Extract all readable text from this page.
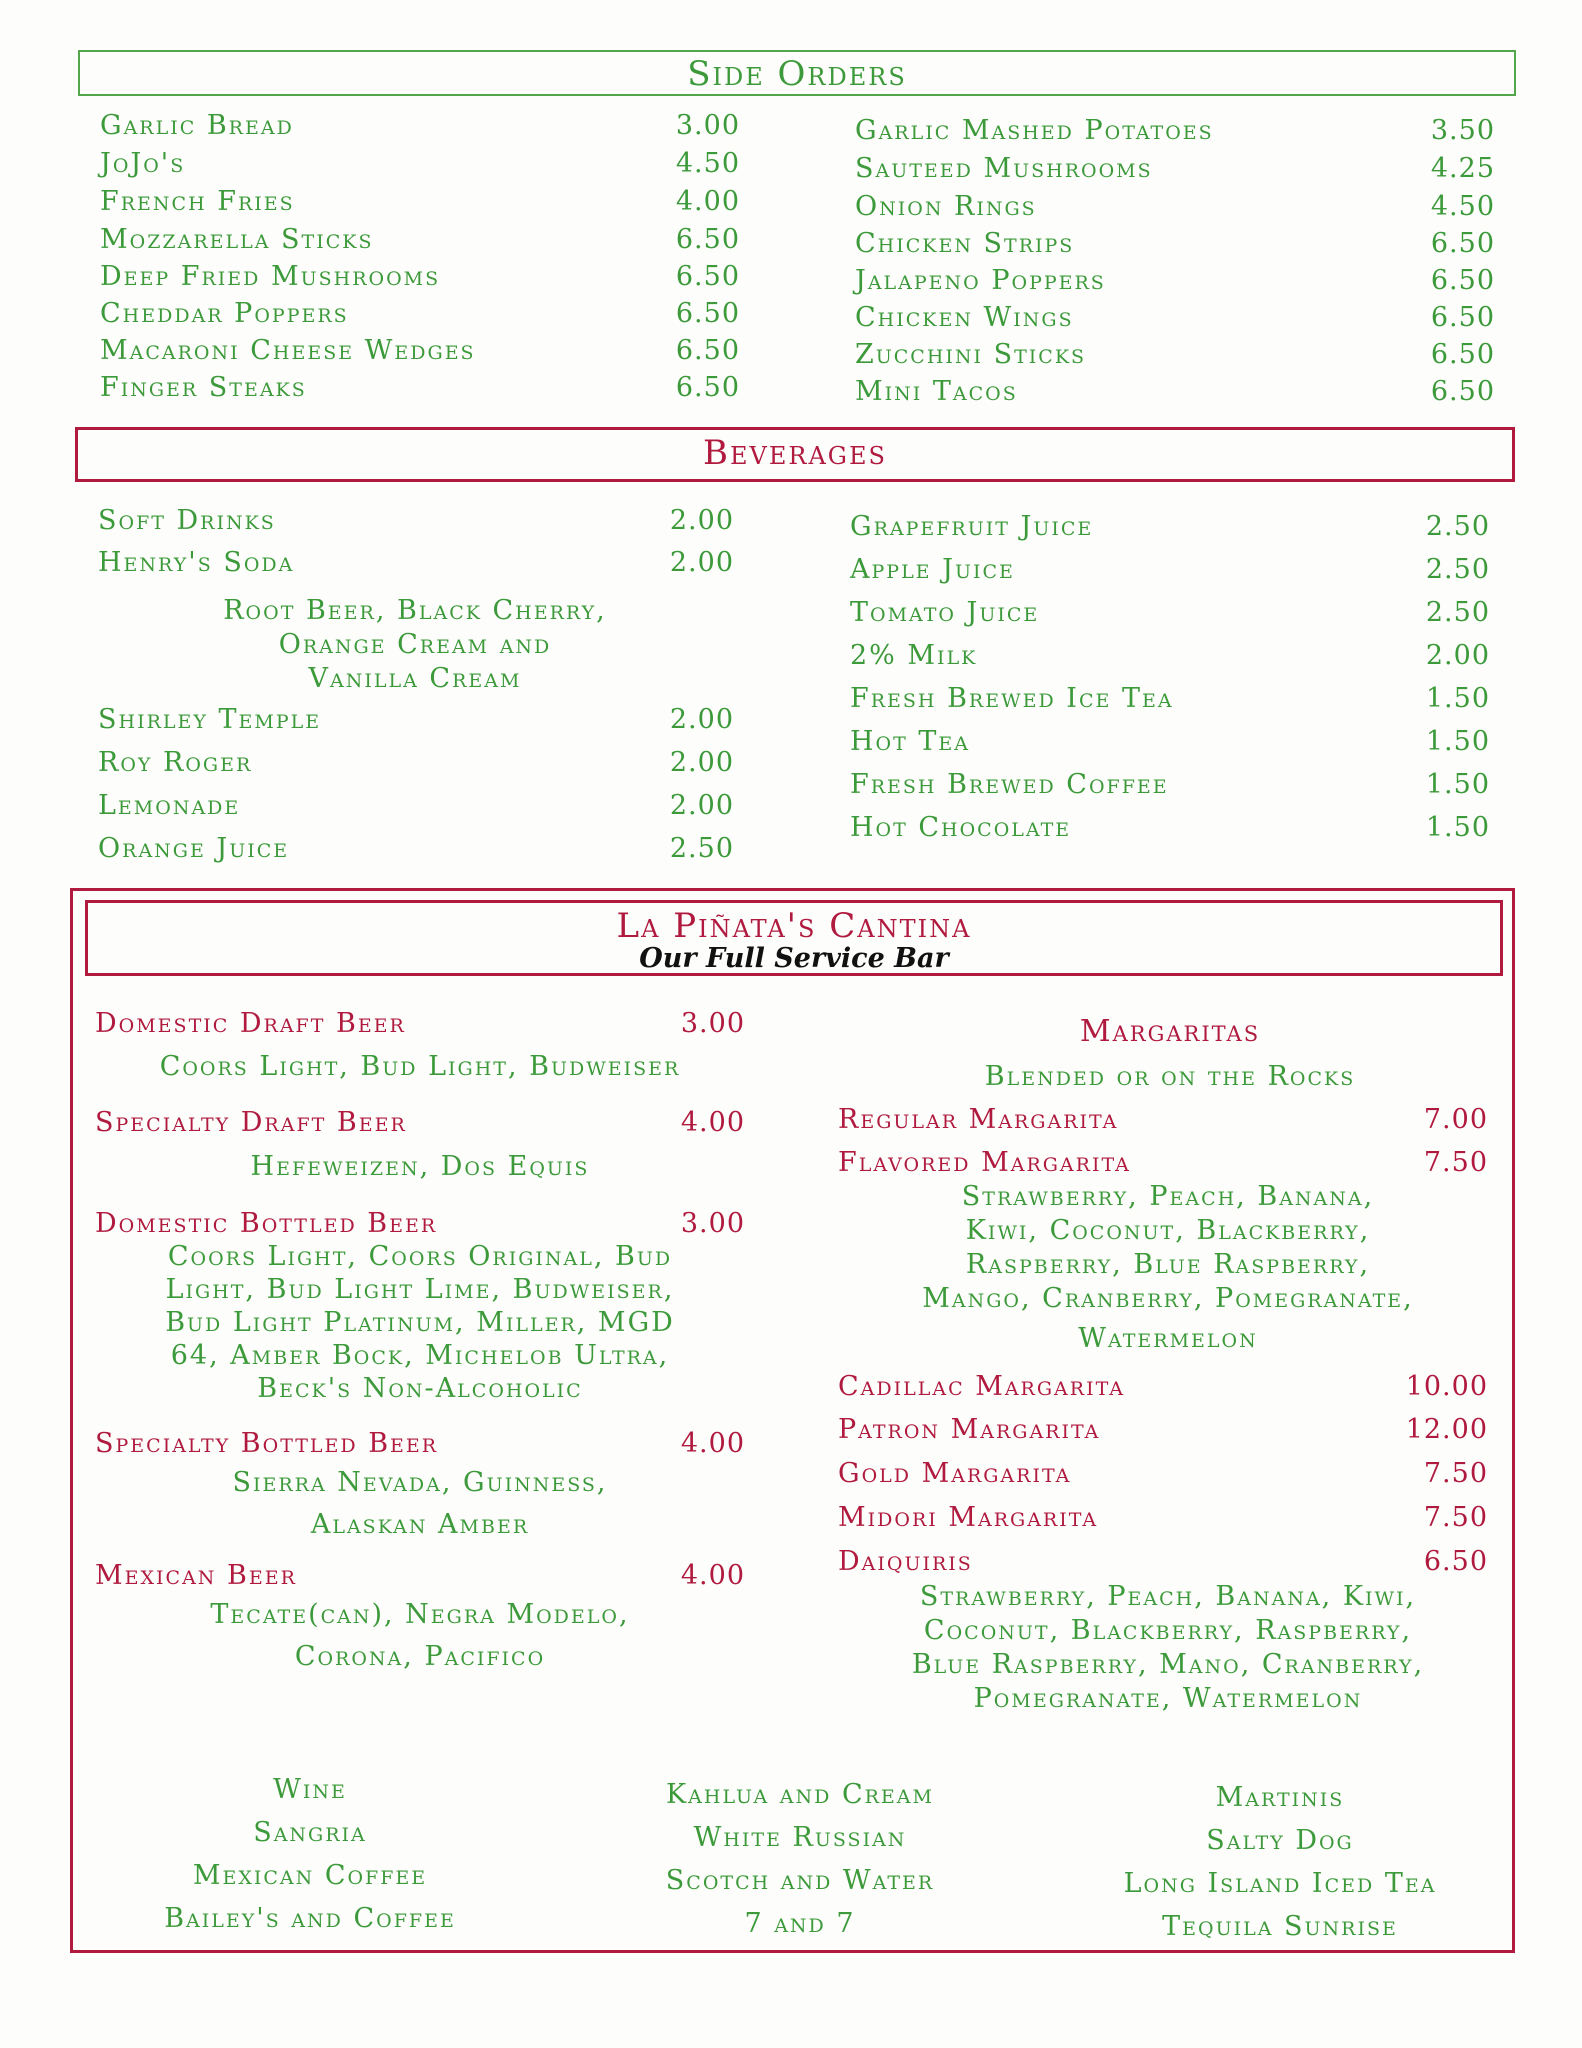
Side Orders
Garlic Bread	3.00
JoJo's	4.50
French Fries	4.00
Mozzarella Sticks	6.50
Deep Fried Mushrooms	6.50
Cheddar Poppers	6.50
Macaroni Cheese Wedges	6.50
Finger Steaks	6.50
Garlic Mashed Potatoes	3.50
Sauteed Mushrooms	4.25
Onion Rings	4.50
Chicken Strips	6.50
Jalapeno Poppers	6.50
Chicken Wings	6.50
Zucchini Sticks	6.50
Mini Tacos	6.50
Beverages
Soft Drinks	2.00
Henry's Soda	2.00
Root Beer, Black Cherry,
Orange Cream and
Vanilla Cream
Shirley Temple	2.00
Roy Roger	2.00
Lemonade	2.00
Orange Juice	2.50
Grapefruit Juice	2.50
Apple Juice	2.50
Tomato Juice	2.50
2% Milk	2.00
Fresh Brewed Ice Tea	1.50
Hot Tea	1.50
Fresh Brewed Coffee	1.50
Hot Chocolate	1.50
La Piñata's Cantina
Our Full Service Bar
Domestic Draft Beer	3.00
Coors Light, Bud Light, Budweiser
Specialty Draft Beer	4.00
Hefeweizen, Dos Equis
Domestic Bottled Beer	3.00
Coors Light, Coors Original, Bud
Light, Bud Light Lime, Budweiser,
Bud Light Platinum, Miller, MGD
64, Amber Bock, Michelob Ultra,
Beck's Non-Alcoholic
Specialty Bottled Beer	4.00
Sierra Nevada, Guinness,
Alaskan Amber
Mexican Beer	4.00
Tecate(can), Negra Modelo,
Corona, Pacifico
Margaritas
Blended or on the Rocks
Regular Margarita	7.00
Flavored Margarita	7.50
Strawberry, Peach, Banana,
Kiwi, Coconut, Blackberry,
Raspberry, Blue Raspberry,
Mango, Cranberry, Pomegranate,
Watermelon
Cadillac Margarita	10.00
Patron Margarita	12.00
Gold Margarita	7.50
Midori Margarita	7.50
Daiquiris	6.50
Strawberry, Peach, Banana, Kiwi,
Coconut, Blackberry, Raspberry,
Blue Raspberry, Mano, Cranberry,
Pomegranate, Watermelon
Wine
Sangria
Mexican Coffee
Bailey's and Coffee
Kahlua and Cream
White Russian
Scotch and Water
7 and 7
Martinis
Salty Dog
Long Island Iced Tea
Tequila Sunrise
